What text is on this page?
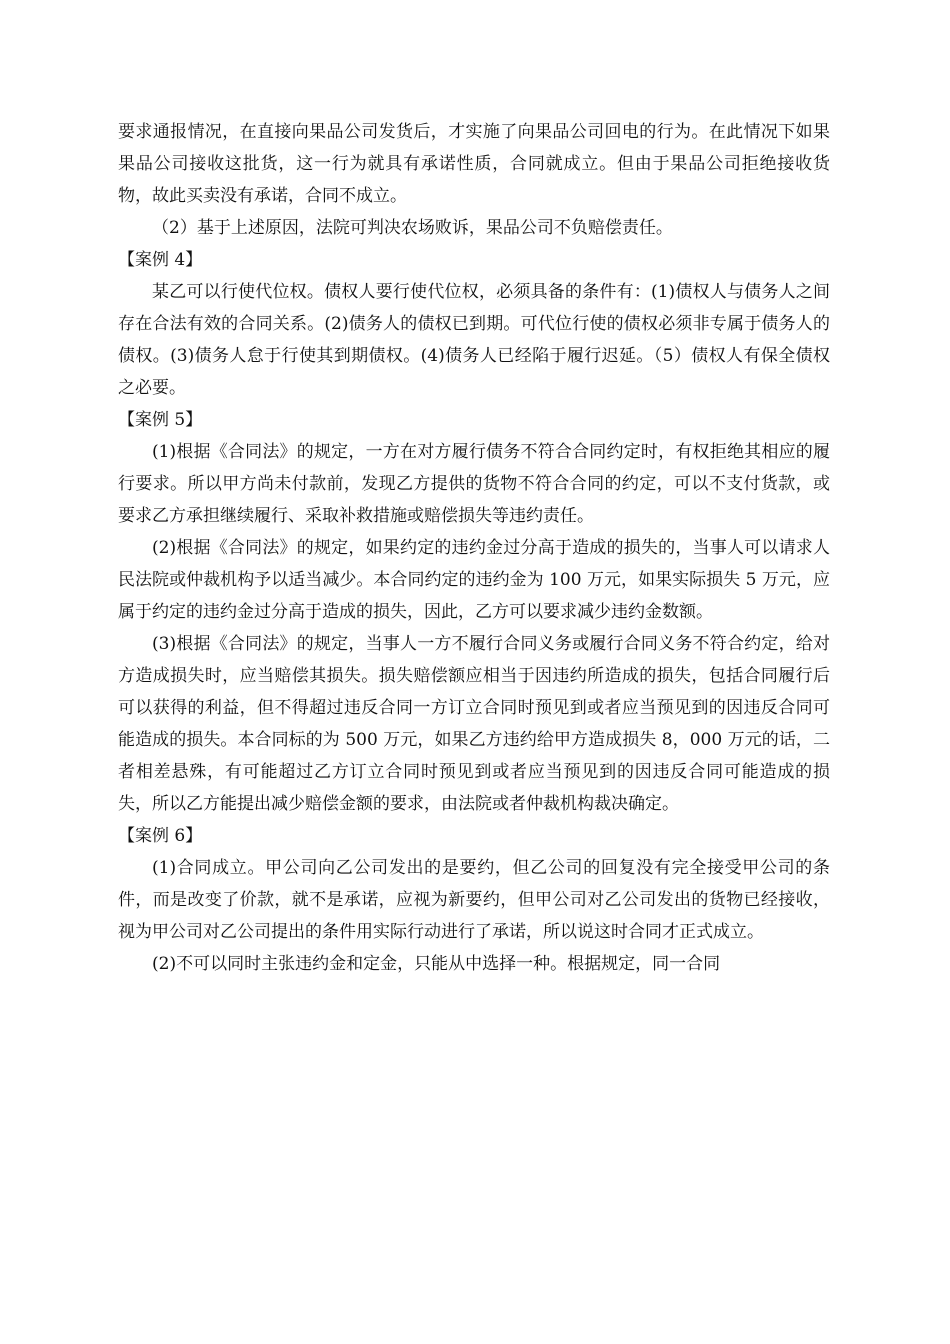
要求通报情况，在直接向果品公司发货后，才实施了向果品公司回电的行为。在此情况下如果果品公司接收这批货，这一行为就具有承诺性质，合同就成立。但由于果品公司拒绝接收货物，故此买卖没有承诺，合同不成立。

（2）基于上述原因，法院可判决农场败诉，果品公司不负赔偿责任。

【案例 4】

某乙可以行使代位权。债权人要行使代位权，必须具备的条件有：(1)债权人与债务人之间存在合法有效的合同关系。(2)债务人的债权已到期。可代位行使的债权必须非专属于债务人的债权。(3)债务人怠于行使其到期债权。(4)债务人已经陷于履行迟延。（5）债权人有保全债权之必要。

【案例 5】

(1)根据《合同法》的规定，一方在对方履行债务不符合合同约定时，有权拒绝其相应的履行要求。所以甲方尚未付款前，发现乙方提供的货物不符合合同的约定，可以不支付货款，或要求乙方承担继续履行、采取补救措施或赔偿损失等违约责任。

(2)根据《合同法》的规定，如果约定的违约金过分高于造成的损失的，当事人可以请求人民法院或仲裁机构予以适当减少。本合同约定的违约金为 100 万元，如果实际损失 5 万元，应属于约定的违约金过分高于造成的损失，因此，乙方可以要求减少违约金数额。

(3)根据《合同法》的规定，当事人一方不履行合同义务或履行合同义务不符合约定，给对方造成损失时，应当赔偿其损失。损失赔偿额应相当于因违约所造成的损失，包括合同履行后可以获得的利益，但不得超过违反合同一方订立合同时预见到或者应当预见到的因违反合同可能造成的损失。本合同标的为 500 万元，如果乙方违约给甲方造成损失 8，000 万元的话，二者相差悬殊，有可能超过乙方订立合同时预见到或者应当预见到的因违反合同可能造成的损失，所以乙方能提出减少赔偿金额的要求，由法院或者仲裁机构裁决确定。

【案例 6】

(1)合同成立。甲公司向乙公司发出的是要约，但乙公司的回复没有完全接受甲公司的条件，而是改变了价款，就不是承诺，应视为新要约，但甲公司对乙公司发出的货物已经接收，视为甲公司对乙公司提出的条件用实际行动进行了承诺，所以说这时合同才正式成立。

(2)不可以同时主张违约金和定金，只能从中选择一种。根据规定，同一合同
